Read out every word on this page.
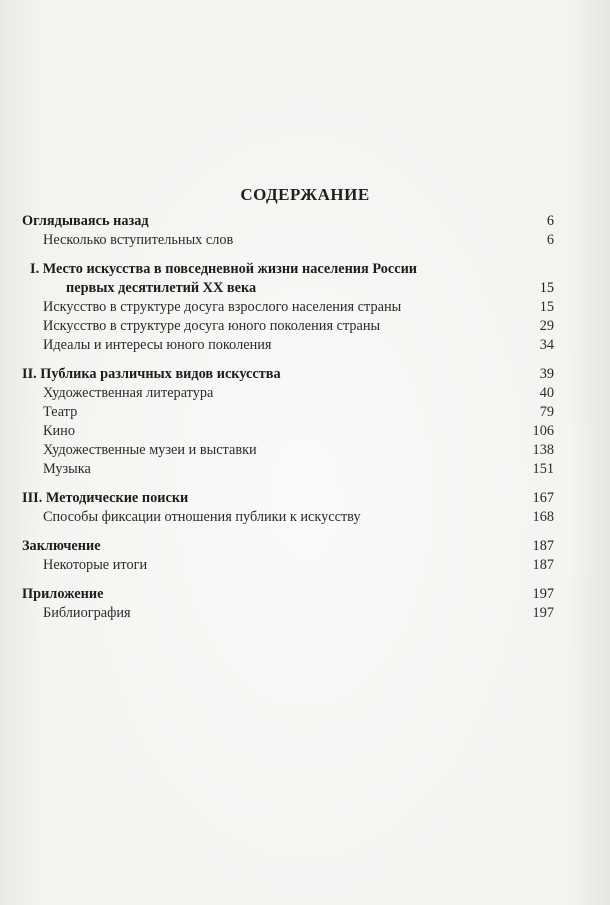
СОДЕРЖАНИЕ
Оглядываясь назад	6
Несколько вступительных слов	6
I. Место искусства в повседневной жизни населения России
первых десятилетий XX века	15
Искусство в структуре досуга взрослого населения страны	15
Искусство в структуре досуга юного поколения страны	29
Идеалы и интересы юного поколения	34
II. Публика различных видов искусства	39
Художественная литература	40
Театр	79
Кино	106
Художественные музеи и выставки	138
Музыка	151
III. Методические поиски	167
Способы фиксации отношения публики к искусству	168
Заключение	187
Некоторые итоги	187
Приложение	197
Библиография	197
